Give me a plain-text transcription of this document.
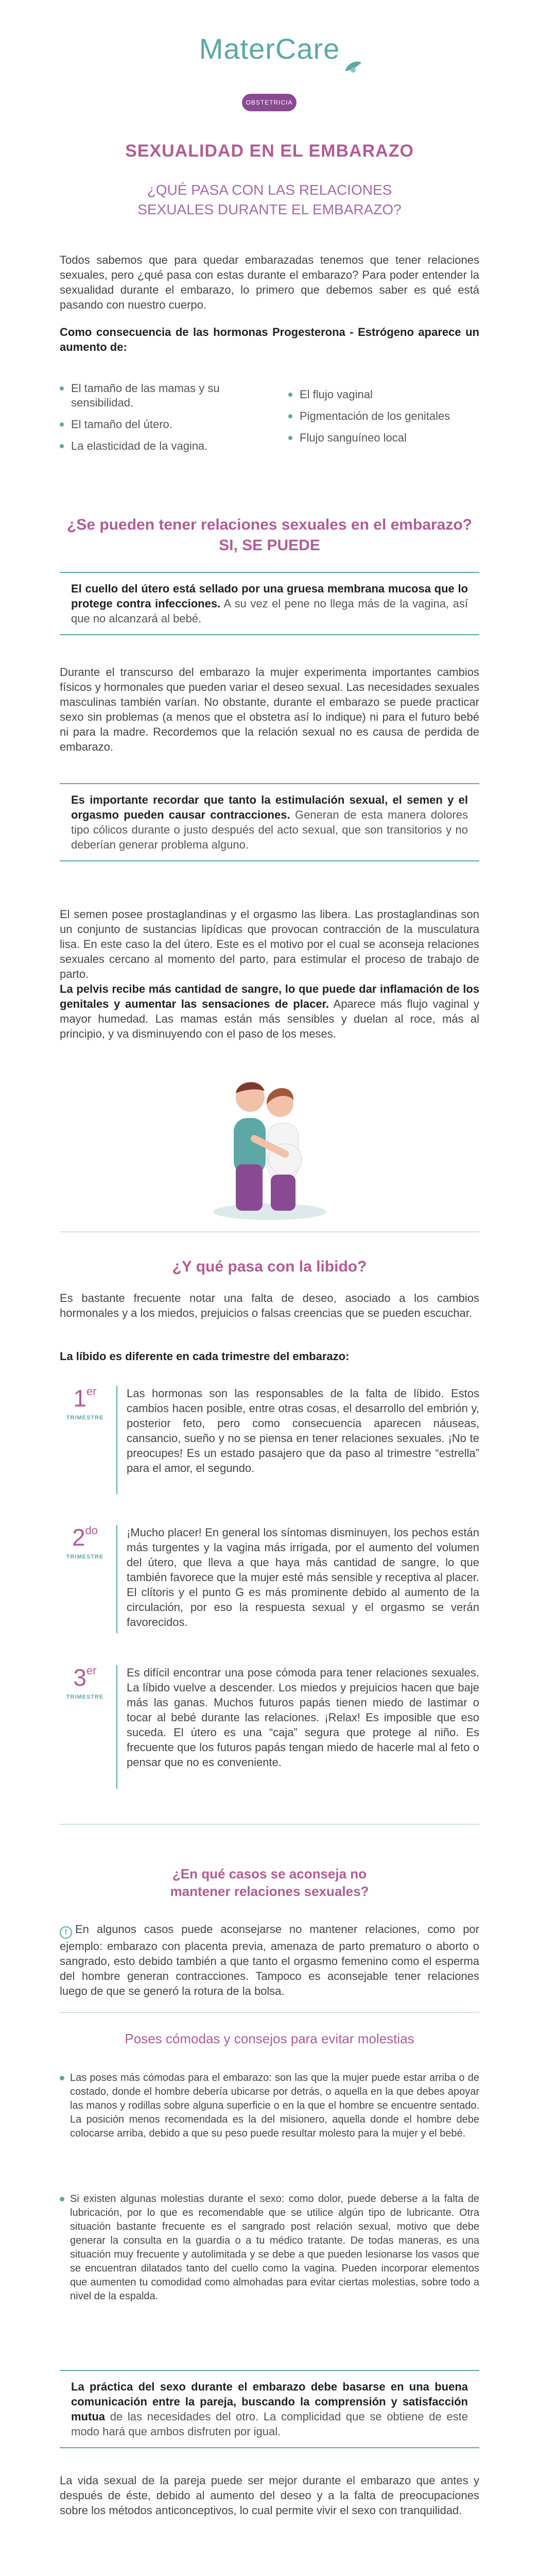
MaterCare
OBSTETRICIA
SEXUALIDAD EN EL EMBARAZO
¿QUÉ PASA CON LAS RELACIONES SEXUALES DURANTE EL EMBARAZO?
Todos sabemos que para quedar embarazadas tenemos que tener relaciones sexuales, pero ¿qué pasa con estas durante el embarazo? Para poder entender la sexualidad durante el embarazo, lo primero que debemos saber es qué está pasando con nuestro cuerpo.
Como consecuencia de las hormonas Progesterona - Estrógeno aparece un aumento de:
El tamaño de las mamas y su sensibilidad.
El tamaño del útero.
La elasticidad de la vagina.
El flujo vaginal
Pigmentación de los genitales
Flujo sanguíneo local
¿Se pueden tener relaciones sexuales en el embarazo?
SI, SE PUEDE
El cuello del útero está sellado por una gruesa membrana mucosa que lo protege contra infecciones. A su vez el pene no llega más de la vagina, así que no alcanzará al bebé.
Durante el transcurso del embarazo la mujer experimenta importantes cambios físicos y hormonales que pueden variar el deseo sexual. Las necesidades sexuales masculinas también varían. No obstante, durante el embarazo se puede practicar sexo sin problemas (a menos que el obstetra así lo indique) ni para el futuro bebé ni para la madre. Recordemos que la relación sexual no es causa de perdida de embarazo.
Es importante recordar que tanto la estimulación sexual, el semen y el orgasmo pueden causar contracciones. Generan de esta manera dolores tipo cólicos durante o justo después del acto sexual, que son transitorios y no deberían generar problema alguno.
El semen posee prostaglandinas y el orgasmo las libera. Las prostaglandinas son un conjunto de sustancias lipídicas que provocan contracción de la musculatura lisa. En este caso la del útero. Este es el motivo por el cual se aconseja relaciones sexuales cercano al momento del parto, para estimular el proceso de trabajo de parto.
La pelvis recibe más cantidad de sangre, lo que puede dar inflamación de los genitales y aumentar las sensaciones de placer. Aparece más flujo vaginal y mayor humedad. Las mamas están más sensibles y duelan al roce, más al principio, y va disminuyendo con el paso de los meses.
¿Y qué pasa con la libido?
Es bastante frecuente notar una falta de deseo, asociado a los cambios hormonales y a los miedos, prejuicios o falsas creencias que se pueden escuchar.
La líbido es diferente en cada trimestre del embarazo:
1er
TRIMESTRE
Las hormonas son las responsables de la falta de líbido. Estos cambios hacen posible, entre otras cosas, el desarrollo del embrión y, posterior feto, pero como consecuencia aparecen náuseas, cansancio, sueño y no se piensa en tener relaciones sexuales. ¡No te preocupes! Es un estado pasajero que da paso al trimestre “estrella” para el amor, el segundo.
$2^{do}$
TRIMESTRE
¡Mucho placer! En general los síntomas disminuyen, los pechos están más turgentes y la vagina más irrigada, por el aumento del volumen del útero, que lleva a que haya más cantidad de sangre, lo que también favorece que la mujer esté más sensible y receptiva al placer. El clítoris y el punto G es más prominente debido al aumento de la circulación, por eso la respuesta sexual y el orgasmo se verán favorecidos.
3er
TRIMESTRE
Es difícil encontrar una pose cómoda para tener relaciones sexuales. La líbido vuelve a descender. Los miedos y prejuicios hacen que baje más las ganas. Muchos futuros papás tienen miedo de lastimar o tocar al bebé durante las relaciones. ¡Relax! Es imposible que eso suceda. El útero es una “caja” segura que protege al niño. Es frecuente que los futuros papás tengan miedo de hacerle mal al feto o pensar que no es conveniente.
¿En qué casos se aconseja no mantener relaciones sexuales?
! En algunos casos puede aconsejarse no mantener relaciones, como por ejemplo: embarazo con placenta previa, amenaza de parto prematuro o aborto o sangrado, esto debido también a que tanto el orgasmo femenino como el esperma del hombre generan contracciones. Tampoco es aconsejable tener relaciones luego de que se generó la rotura de la bolsa.
Poses cómodas y consejos para evitar molestias
Las poses más cómodas para el embarazo: son las que la mujer puede estar arriba o de costado, donde el hombre debería ubicarse por detrás, o aquella en la que debes apoyar las manos y rodillas sobre alguna superficie o en la que el hombre se encuentre sentado. La posición menos recomendada es la del misionero, aquella donde el hombre debe colocarse arriba, debido a que su peso puede resultar molesto para la mujer y el bebé.
Si existen algunas molestias durante el sexo: como dolor, puede deberse a la falta de lubricación, por lo que es recomendable que se utilice algún tipo de lubricante. Otra situación bastante frecuente es el sangrado post relación sexual, motivo que debe generar la consulta en la guardia o a tu médico tratante. De todas maneras, es una situación muy frecuente y autolimitada y se debe a que pueden lesionarse los vasos que se encuentran dilatados tanto del cuello como la vagina. Pueden incorporar elementos que aumenten tu comodidad como almohadas para evitar ciertas molestias, sobre todo a nivel de la espalda.
La práctica del sexo durante el embarazo debe basarse en una buena comunicación entre la pareja, buscando la comprensión y satisfacción mutua de las necesidades del otro. La complicidad que se obtiene de este modo hará que ambos disfruten por igual.
La vida sexual de la pareja puede ser mejor durante el embarazo que antes y después de éste, debido al aumento del deseo y a la falta de preocupaciones sobre los métodos anticonceptivos, lo cual permite vivir el sexo con tranquilidad.
